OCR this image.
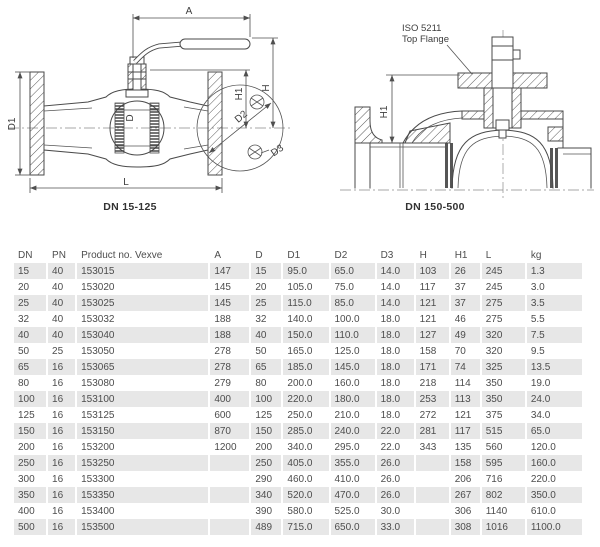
A
H
H1
D1	D	D2
D3
L
H1
ISO 5211
Top Flange
DN 15-125	DN 150-500
DN	PN	Product no. Vexve	A	D	D1	D2	D3	H	H1	L	kg
15	40	153015	147	15	95.0	65.0	14.0	103	26	245	1.3
20	40	153020	145	20	105.0	75.0	14.0	117	37	245	3.0
25	40	153025	145	25	115.0	85.0	14.0	121	37	275	3.5
32	40	153032	188	32	140.0	100.0	18.0	121	46	275	5.5
40	40	153040	188	40	150.0	110.0	18.0	127	49	320	7.5
50	25	153050	278	50	165.0	125.0	18.0	158	70	320	9.5
65	16	153065	278	65	185.0	145.0	18.0	171	74	325	13.5
80	16	153080	279	80	200.0	160.0	18.0	218	114	350	19.0
100	16	153100	400	100	220.0	180.0	18.0	253	113	350	24.0
125	16	153125	600	125	250.0	210.0	18.0	272	121	375	34.0
150	16	153150	870	150	285.0	240.0	22.0	281	117	515	65.0
200	16	153200	1200	200	340.0	295.0	22.0	343	135	560	120.0
250	16	153250		250	405.0	355.0	26.0		158	595	160.0
300	16	153300		290	460.0	410.0	26.0		206	716	220.0
350	16	153350		340	520.0	470.0	26.0		267	802	350.0
400	16	153400		390	580.0	525.0	30.0		306	1140	610.0
500	16	153500		489	715.0	650.0	33.0		308	1016	1100.0
